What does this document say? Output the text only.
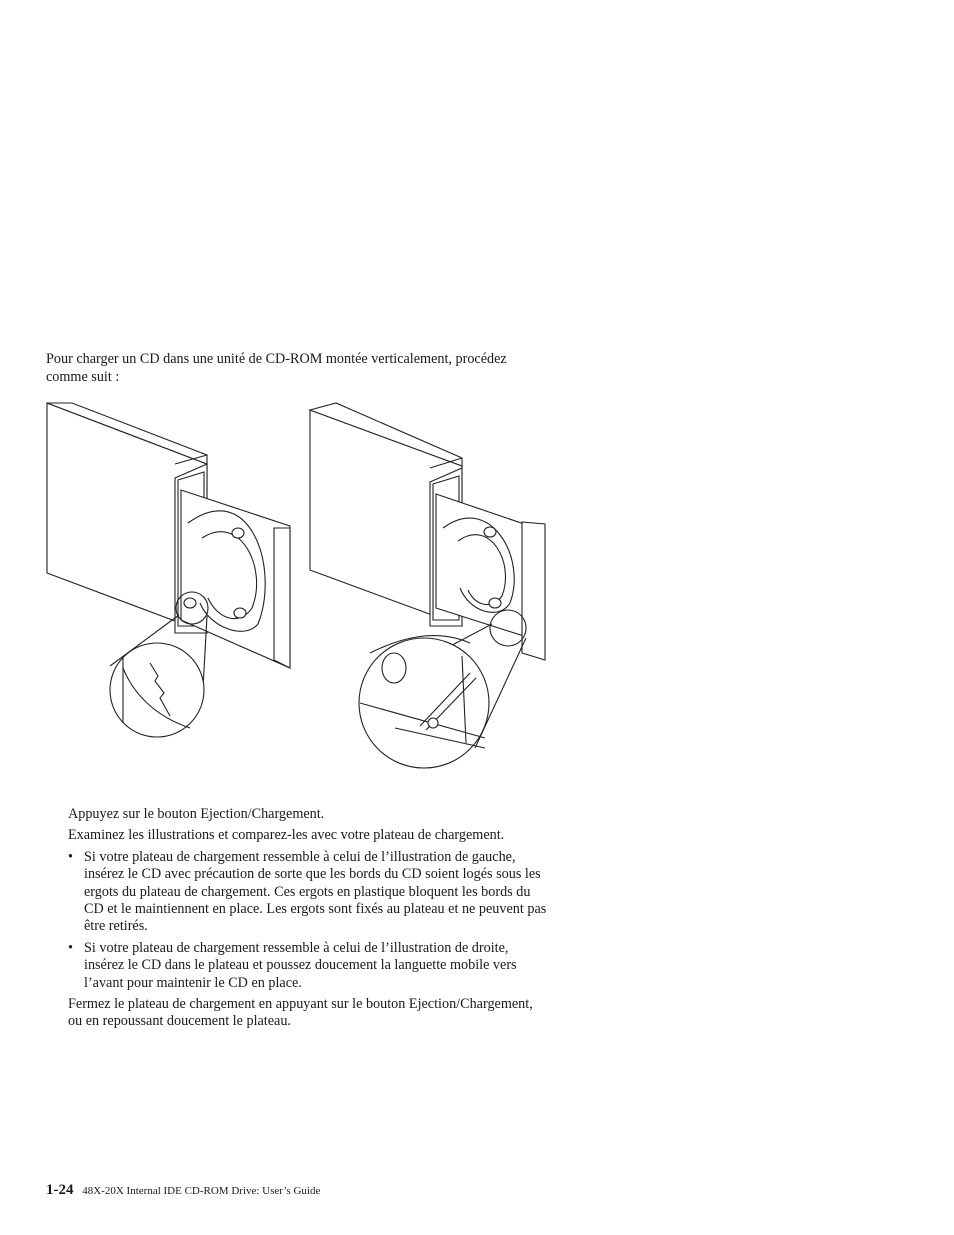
Pour charger un CD dans une unité de CD-ROM montée verticalement, procédez comme suit :

Appuyez sur le bouton Ejection/Chargement.

Examinez les illustrations et comparez-les avec votre plateau de chargement.

• Si votre plateau de chargement ressemble à celui de l’illustration de gauche, insérez le CD avec précaution de sorte que les bords du CD soient logés sous les ergots du plateau de chargement. Ces ergots en plastique bloquent les bords du CD et le maintiennent en place. Les ergots sont fixés au plateau et ne peuvent pas être retirés.
• Si votre plateau de chargement ressemble à celui de l’illustration de droite, insérez le CD dans le plateau et poussez doucement la languette mobile vers l’avant pour maintenir le CD en place.

Fermez le plateau de chargement en appuyant sur le bouton Ejection/Chargement, ou en repoussant doucement le plateau.

1-24 48X-20X Internal IDE CD-ROM Drive: User’s Guide
